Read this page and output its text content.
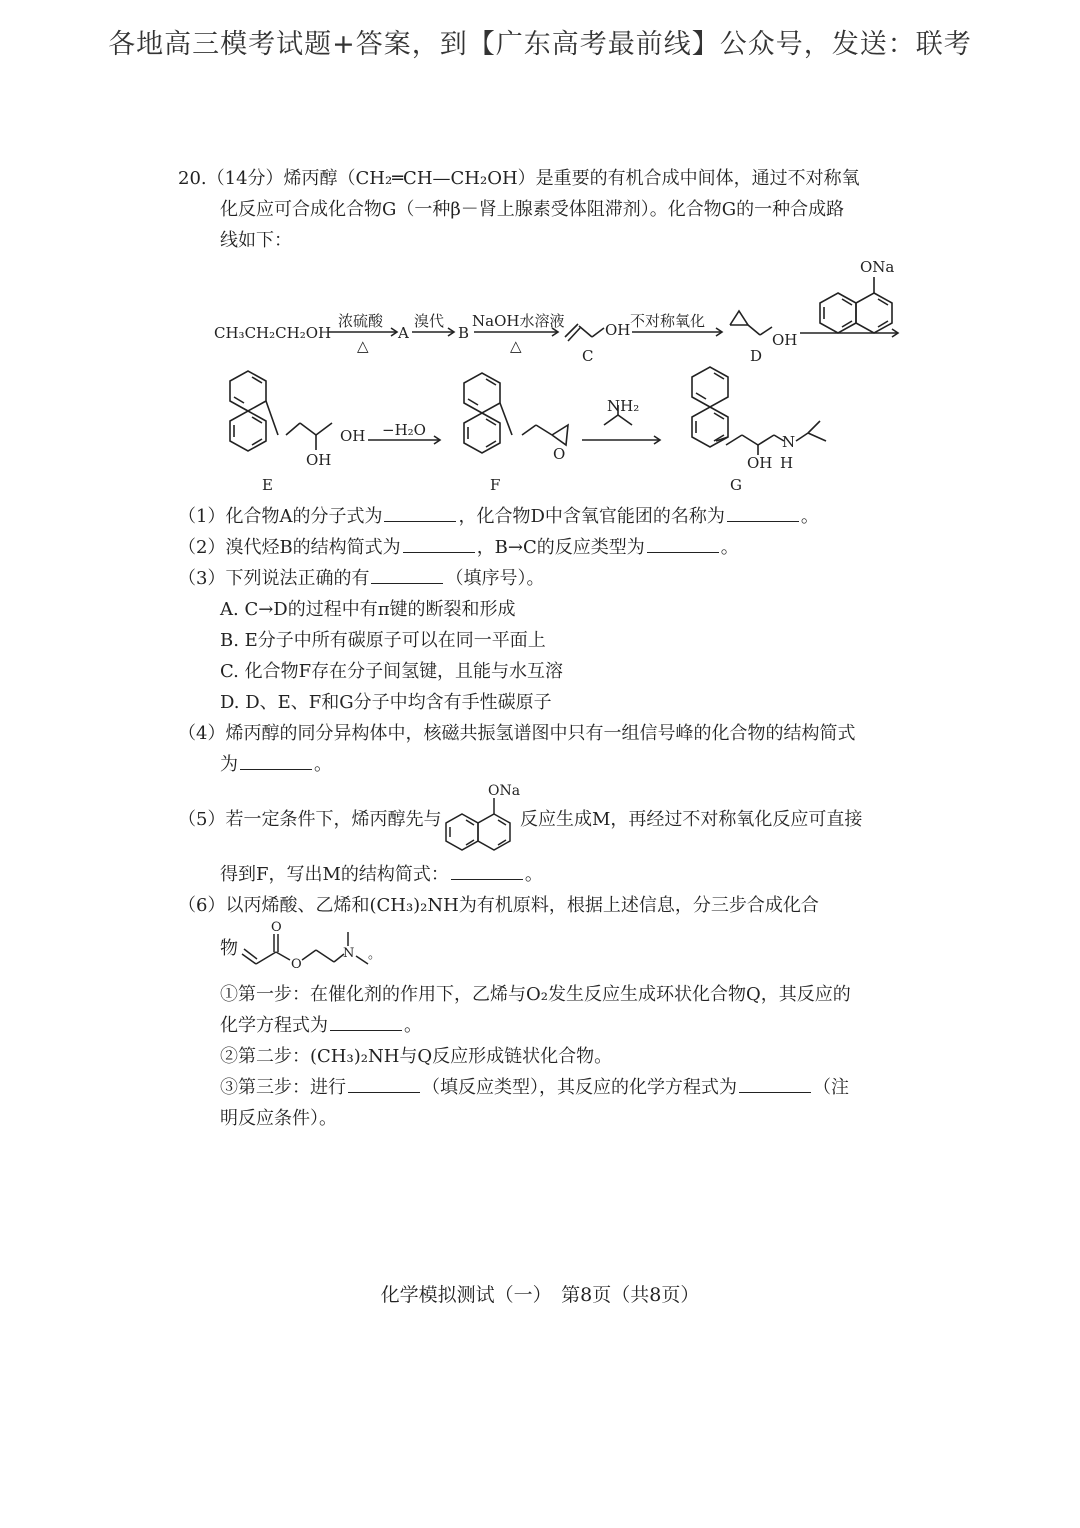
各地高三模考试题+答案，到【广东高考最前线】公众号，发送：联考
20.（14分）烯丙醇（CH₂═CH—CH₂OH）是重要的有机合成中间体，通过不对称氧
化反应可合成化合物G（一种β－肾上腺素受体阻滞剂）。化合物G的一种合成路
线如下：
CH₃CH₂CH₂OH
浓硫酸
△
A
溴代
B
NaOH水溶液
△
OH
C
不对称氧化
OH
D
ONa
OH
OH
E
−H₂O
O
F
NH₂
OH H
N
G
（1）化合物A的分子式为	，化合物D中含氧官能团的名称为	。
（2）溴代烃B的结构简式为	，B→C的反应类型为	。
（3）下列说法正确的有	（填序号）。
A. C→D的过程中有π键的断裂和形成
B. E分子中所有碳原子可以在同一平面上
C. 化合物F存在分子间氢键，且能与水互溶
D. D、E、F和G分子中均含有手性碳原子
（4）烯丙醇的同分异构体中，核磁共振氢谱图中只有一组信号峰的化合物的结构简式
为	。
（5）若一定条件下，烯丙醇先与
ONa
反应生成M，再经过不对称氧化反应可直接
得到F，写出M的结构简式：	。
（6）以丙烯酸、乙烯和(CH₃)₂NH为有机原料，根据上述信息，分三步合成化合
物
O
O
N 。
①第一步：在催化剂的作用下，乙烯与O₂发生反应生成环状化合物Q，其反应的
化学方程式为	。
②第二步：(CH₃)₂NH与Q反应形成链状化合物。
③第三步：进行	（填反应类型），其反应的化学方程式为	（注
明反应条件）。
化学模拟测试（一）　第8页（共8页）
